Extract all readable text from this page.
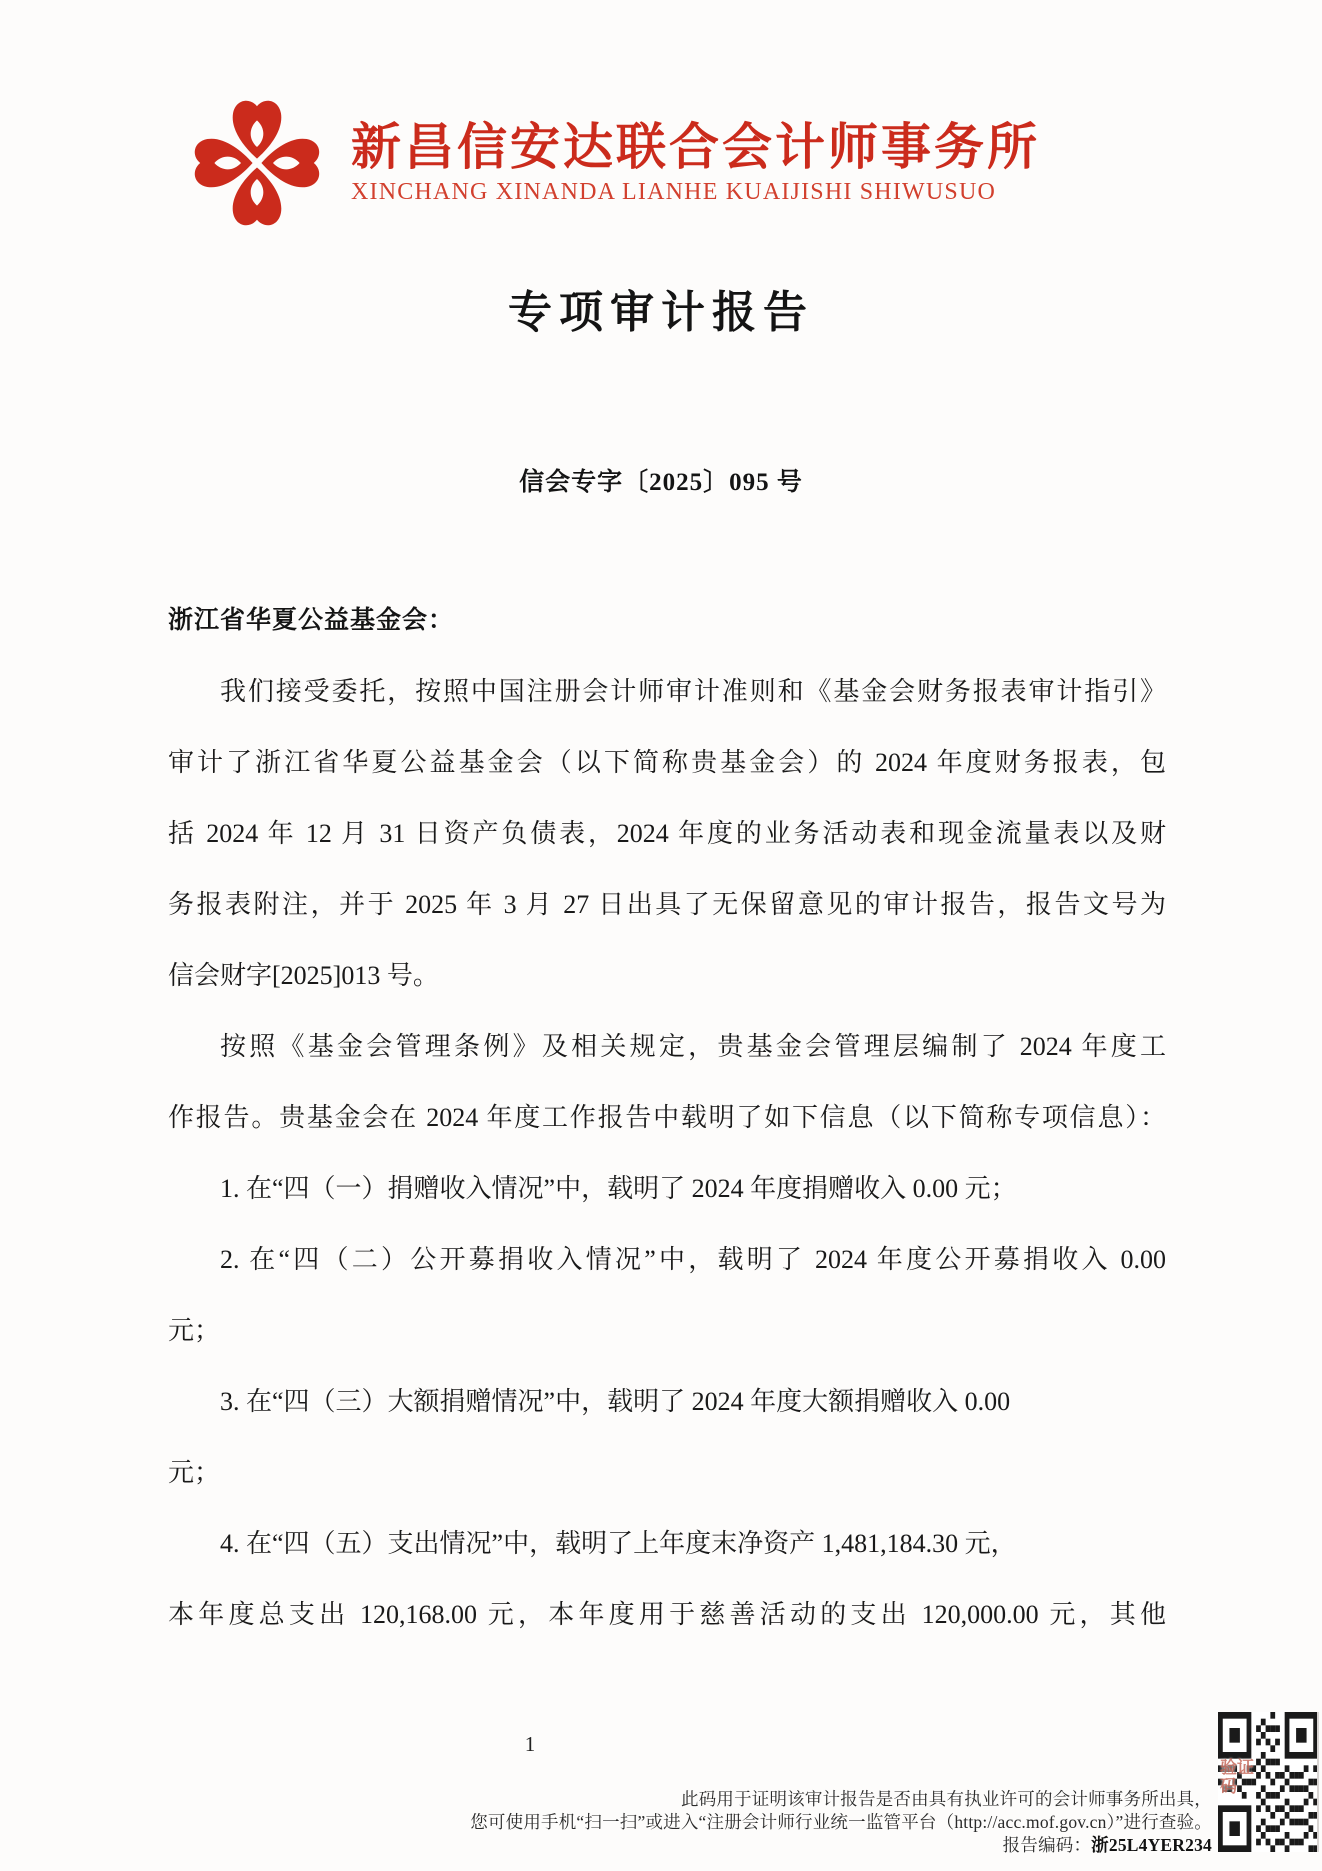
新昌信安达联合会计师事务所
XINCHANG XINANDA LIANHE KUAIJISHI SHIWUSUO
专项审计报告
信会专字〔2025〕095 号
浙江省华夏公益基金会：
我们接受委托，按照中国注册会计师审计准则和《基金会财务报表审计指引》
审计了浙江省华夏公益基金会（以下简称贵基金会）的 2024 年度财务报表，包
括 2024 年 12 月 31 日资产负债表，2024 年度的业务活动表和现金流量表以及财
务报表附注，并于 2025 年 3 月 27 日出具了无保留意见的审计报告，报告文号为
信会财字[2025]013 号。
按照《基金会管理条例》及相关规定，贵基金会管理层编制了 2024 年度工
作报告。贵基金会在 2024 年度工作报告中载明了如下信息（以下简称专项信息）：
1. 在“四（一）捐赠收入情况”中，载明了 2024 年度捐赠收入 0.00 元；
2. 在“四（二）公开募捐收入情况”中，载明了 2024 年度公开募捐收入 0.00
元；
3. 在“四（三）大额捐赠情况”中，载明了 2024 年度大额捐赠收入 0.00
元；
4. 在“四（五）支出情况”中，载明了上年度末净资产 1,481,184.30 元，
本年度总支出 120,168.00 元，本年度用于慈善活动的支出 120,000.00 元，其他
1
此码用于证明该审计报告是否由具有执业许可的会计师事务所出具，
您可使用手机“扫一扫”或进入“注册会计师行业统一监管平台（http://acc.mof.gov.cn）”进行查验。
报告编码：浙25L4YER234
验证码
